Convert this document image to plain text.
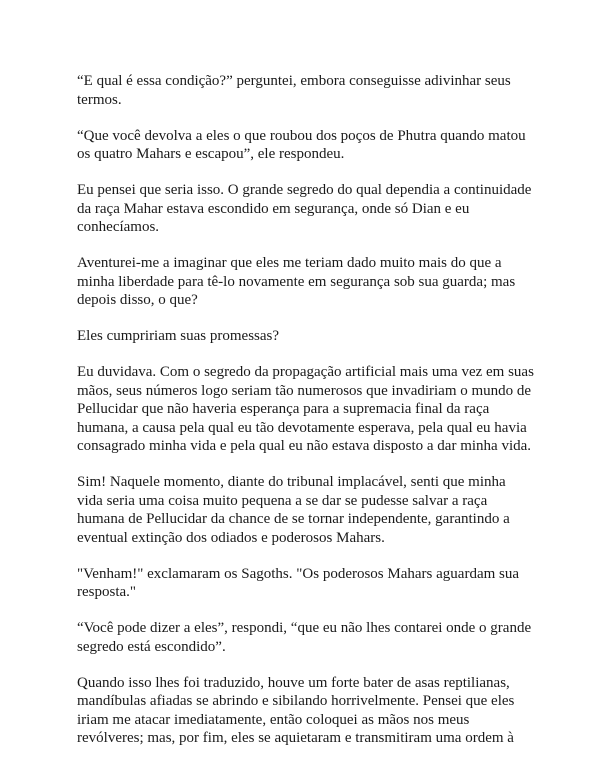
“E qual é essa condição?” perguntei, embora conseguisse adivinhar seus
termos.

“Que você devolva a eles o que roubou dos poços de Phutra quando matou
os quatro Mahars e escapou”, ele respondeu.

Eu pensei que seria isso. O grande segredo do qual dependia a continuidade
da raça Mahar estava escondido em segurança, onde só Dian e eu
conhecíamos.

Aventurei-me a imaginar que eles me teriam dado muito mais do que a
minha liberdade para tê-lo novamente em segurança sob sua guarda; mas
depois disso, o que?

Eles cumpririam suas promessas?

Eu duvidava. Com o segredo da propagação artificial mais uma vez em suas
mãos, seus números logo seriam tão numerosos que invadiriam o mundo de
Pellucidar que não haveria esperança para a supremacia final da raça
humana, a causa pela qual eu tão devotamente esperava, pela qual eu havia
consagrado minha vida e pela qual eu não estava disposto a dar minha vida.

Sim! Naquele momento, diante do tribunal implacável, senti que minha
vida seria uma coisa muito pequena a se dar se pudesse salvar a raça
humana de Pellucidar da chance de se tornar independente, garantindo a
eventual extinção dos odiados e poderosos Mahars.

"Venham!" exclamaram os Sagoths. "Os poderosos Mahars aguardam sua
resposta."

“Você pode dizer a eles”, respondi, “que eu não lhes contarei onde o grande
segredo está escondido”.

Quando isso lhes foi traduzido, houve um forte bater de asas reptilianas,
mandíbulas afiadas se abrindo e sibilando horrivelmente. Pensei que eles
iriam me atacar imediatamente, então coloquei as mãos nos meus
revólveres; mas, por fim, eles se aquietaram e transmitiram uma ordem à
